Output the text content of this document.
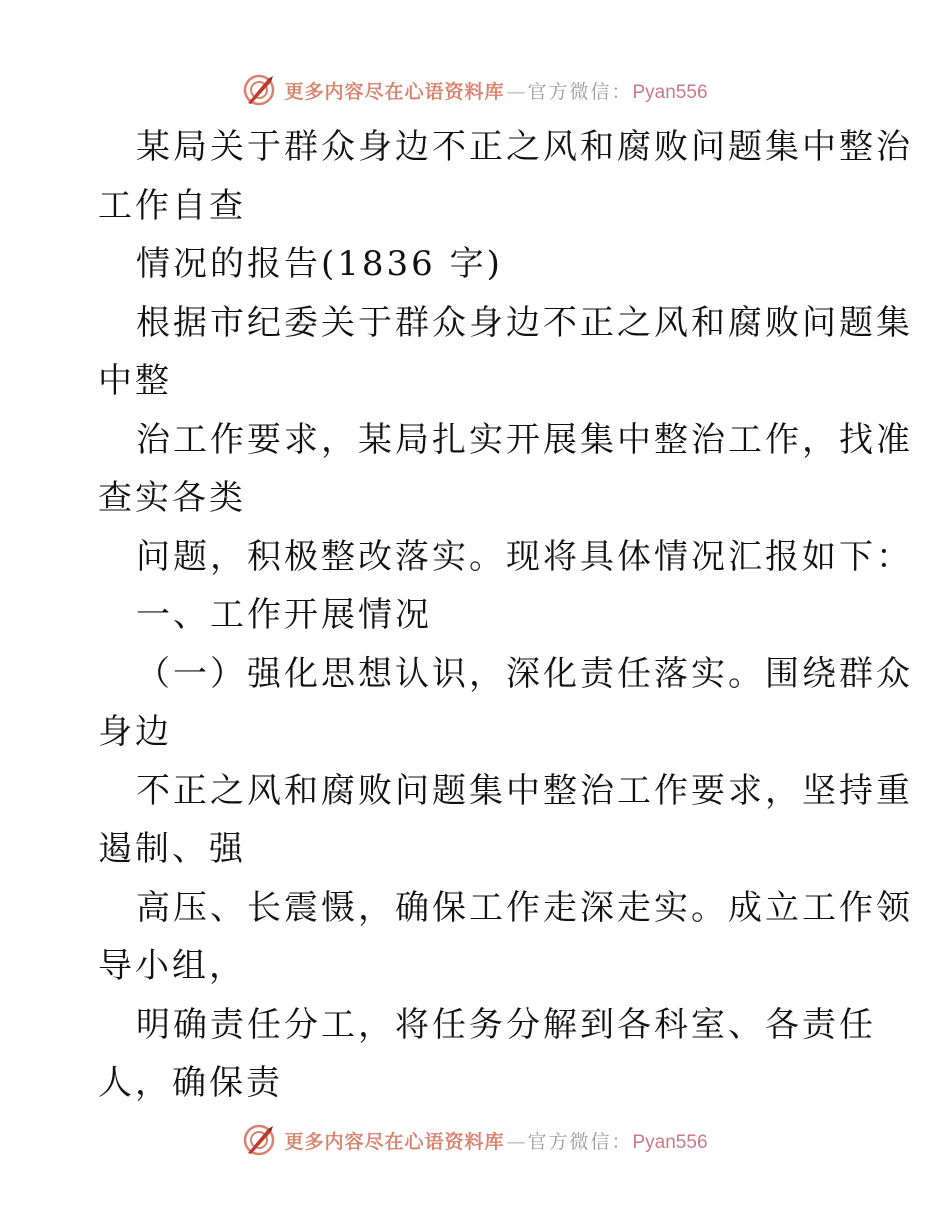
更多内容尽在心语资料库 — 官方微信： Pyan556
某局关于群众身边不正之风和腐败问题集中整治
工作自查
情况的报告(1836 字)
根据市纪委关于群众身边不正之风和腐败问题集
中整
治工作要求，某局扎实开展集中整治工作，找准
查实各类
问题，积极整改落实。现将具体情况汇报如下：
一、工作开展情况
（一）强化思想认识，深化责任落实。围绕群众
身边
不正之风和腐败问题集中整治工作要求，坚持重
遏制、强
高压、长震慑，确保工作走深走实。成立工作领
导小组，
明确责任分工，将任务分解到各科室、各责任
人，确保责
更多内容尽在心语资料库 — 官方微信： Pyan556
